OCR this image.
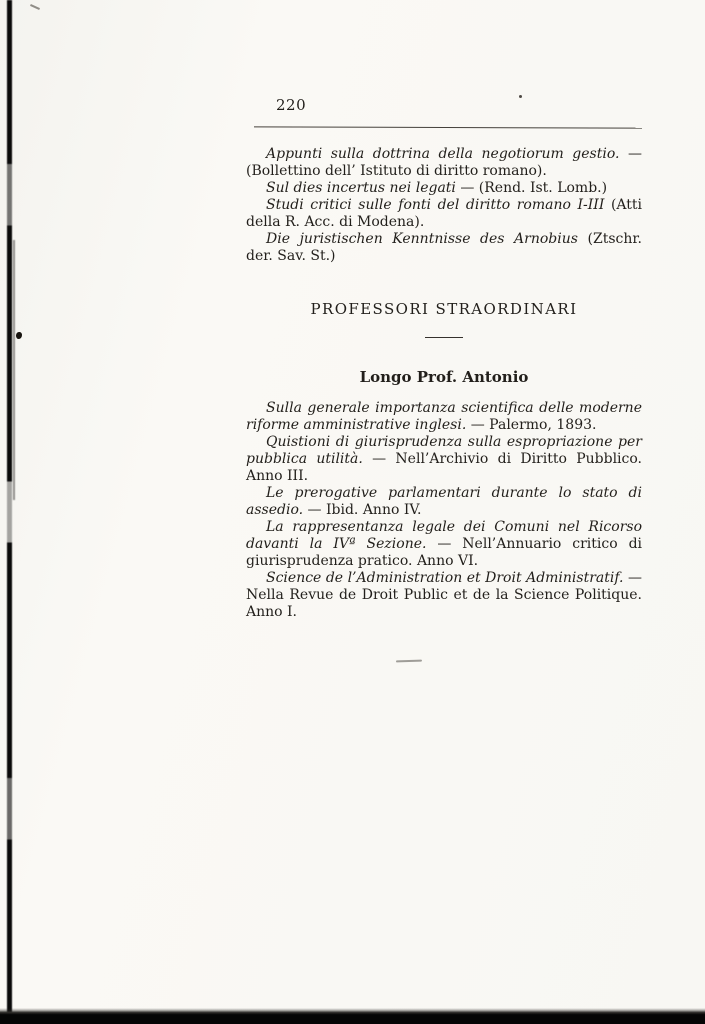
220

Appunti sulla dottrina della negotiorum gestio. — (Bollettino dell’ Istituto di diritto romano).

Sul dies incertus nei legati — (Rend. Ist. Lomb.)

Studi critici sulle fonti del diritto romano I-III (Atti della R. Acc. di Modena).

Die juristischen Kenntnisse des Arnobius (Ztschr. der. Sav. St.)

PROFESSORI STRAORDINARI
Longo Prof. Antonio

Sulla generale importanza scientifica delle moderne riforme amministrative inglesi. — Palermo, 1893.

Quistioni di giurisprudenza sulla espropriazione per pubblica utilità. — Nell’Archivio di Diritto Pubblico. Anno III.

Le prerogative parlamentari durante lo stato di assedio. — Ibid. Anno IV.

La rappresentanza legale dei Comuni nel Ricorso davanti la IVª Sezione. — Nell’Annuario critico di giurisprudenza pratico. Anno VI.

Science de l’Administration et Droit Administratif. — Nella Revue de Droit Public et de la Science Politique. Anno I.
